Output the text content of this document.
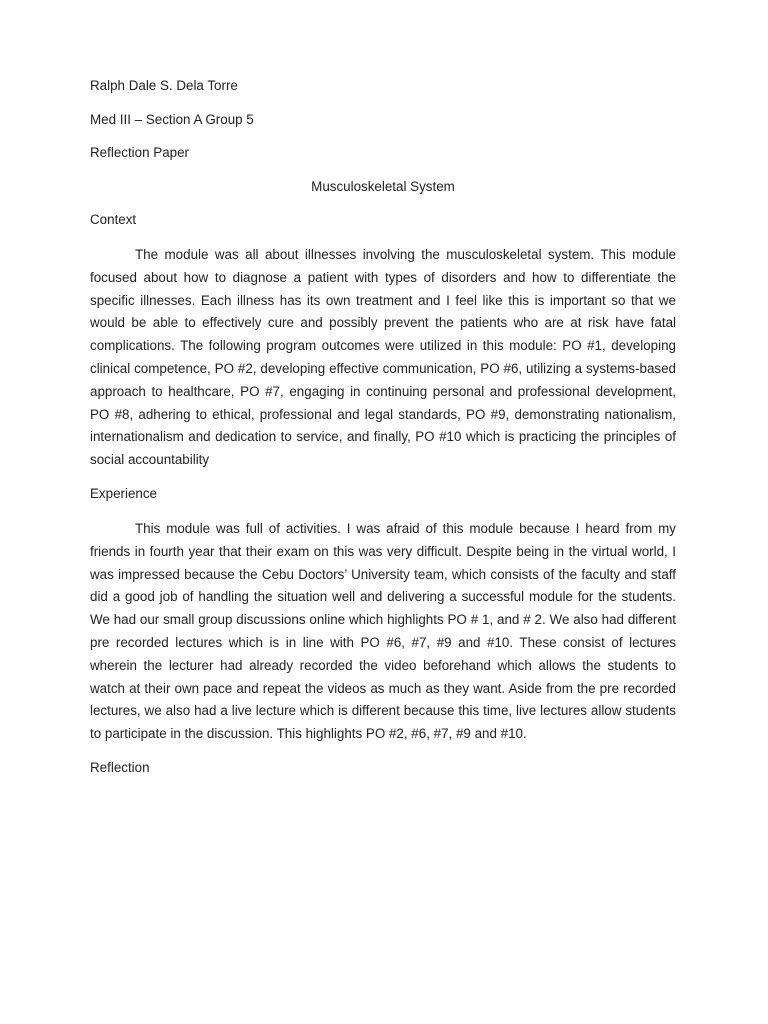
Ralph Dale S. Dela Torre

Med III – Section A Group 5

Reflection Paper

Musculoskeletal System

Context

The module was all about illnesses involving the musculoskeletal system. This module focused about how to diagnose a patient with types of disorders and how to differentiate the specific illnesses. Each illness has its own treatment and I feel like this is important so that we would be able to effectively cure and possibly prevent the patients who are at risk have fatal complications. The following program outcomes were utilized in this module: PO #1, developing clinical competence, PO #2, developing effective communication, PO #6, utilizing a systems-based approach to healthcare, PO #7, engaging in continuing personal and professional development, PO #8, adhering to ethical, professional and legal standards, PO #9, demonstrating nationalism, internationalism and dedication to service, and finally, PO #10 which is practicing the principles of social accountability

Experience

This module was full of activities. I was afraid of this module because I heard from my friends in fourth year that their exam on this was very difficult. Despite being in the virtual world, I was impressed because the Cebu Doctors’ University team, which consists of the faculty and staff did a good job of handling the situation well and delivering a successful module for the students. We had our small group discussions online which highlights PO # 1, and # 2. We also had different pre recorded lectures which is in line with PO #6, #7, #9 and #10. These consist of lectures wherein the lecturer had already recorded the video beforehand which allows the students to watch at their own pace and repeat the videos as much as they want. Aside from the pre recorded lectures, we also had a live lecture which is different because this time, live lectures allow students to participate in the discussion. This highlights PO #2, #6, #7, #9 and #10.

Reflection
